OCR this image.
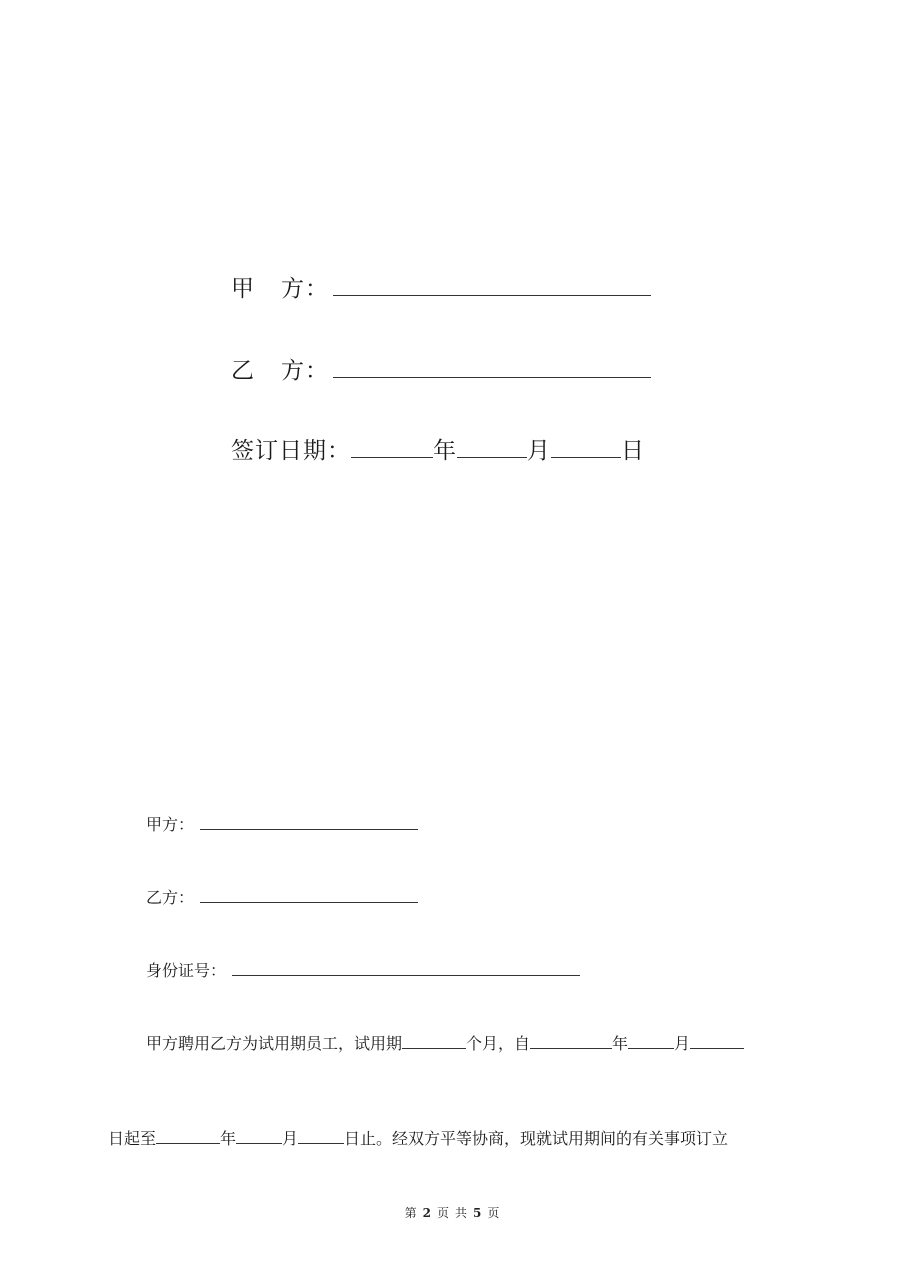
甲 方：
乙 方：
签订日期：	年	月	日
甲方：
乙方：
身份证号：
甲方聘用乙方为试用期员工，试用期	个月，自	年	月
日起至	年	月	日止。经双方平等协商，现就试用期间的有关事项订立
第 2 页 共 5 页
